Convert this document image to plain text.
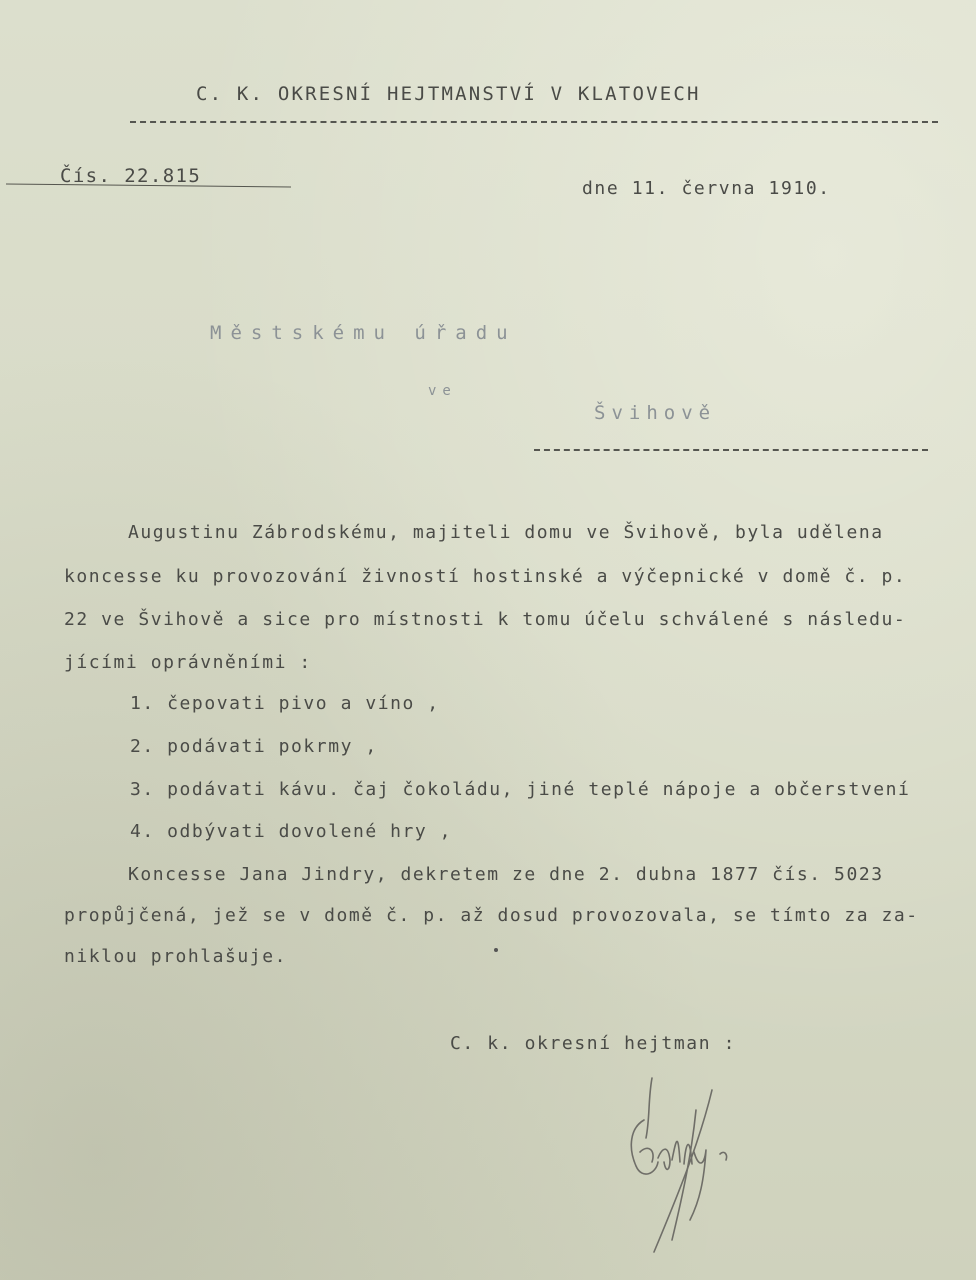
C. K. OKRESNÍ HEJTMANSTVÍ V KLATOVECH
Čís. 22.815
dne 11. června 1910.
Městskému úřadu
ve
Švihově
Augustinu Zábrodskému, majiteli domu ve Švihově, byla udělena
koncesse ku provozování živností hostinské a výčepnické v domě č. p.
22 ve Švihově a sice pro místnosti k tomu účelu schválené s následu-
jícími oprávněními :
1. čepovati pivo a víno ,
2. podávati pokrmy ,
3. podávati kávu. čaj čokoládu, jiné teplé nápoje a občerstvení
4. odbývati dovolené hry ,
Koncesse Jana Jindry, dekretem ze dne 2. dubna 1877 čís. 5023
propůjčená, jež se v domě č. p. až dosud provozovala, se tímto za za-
niklou prohlašuje.
C. k. okresní hejtman :
